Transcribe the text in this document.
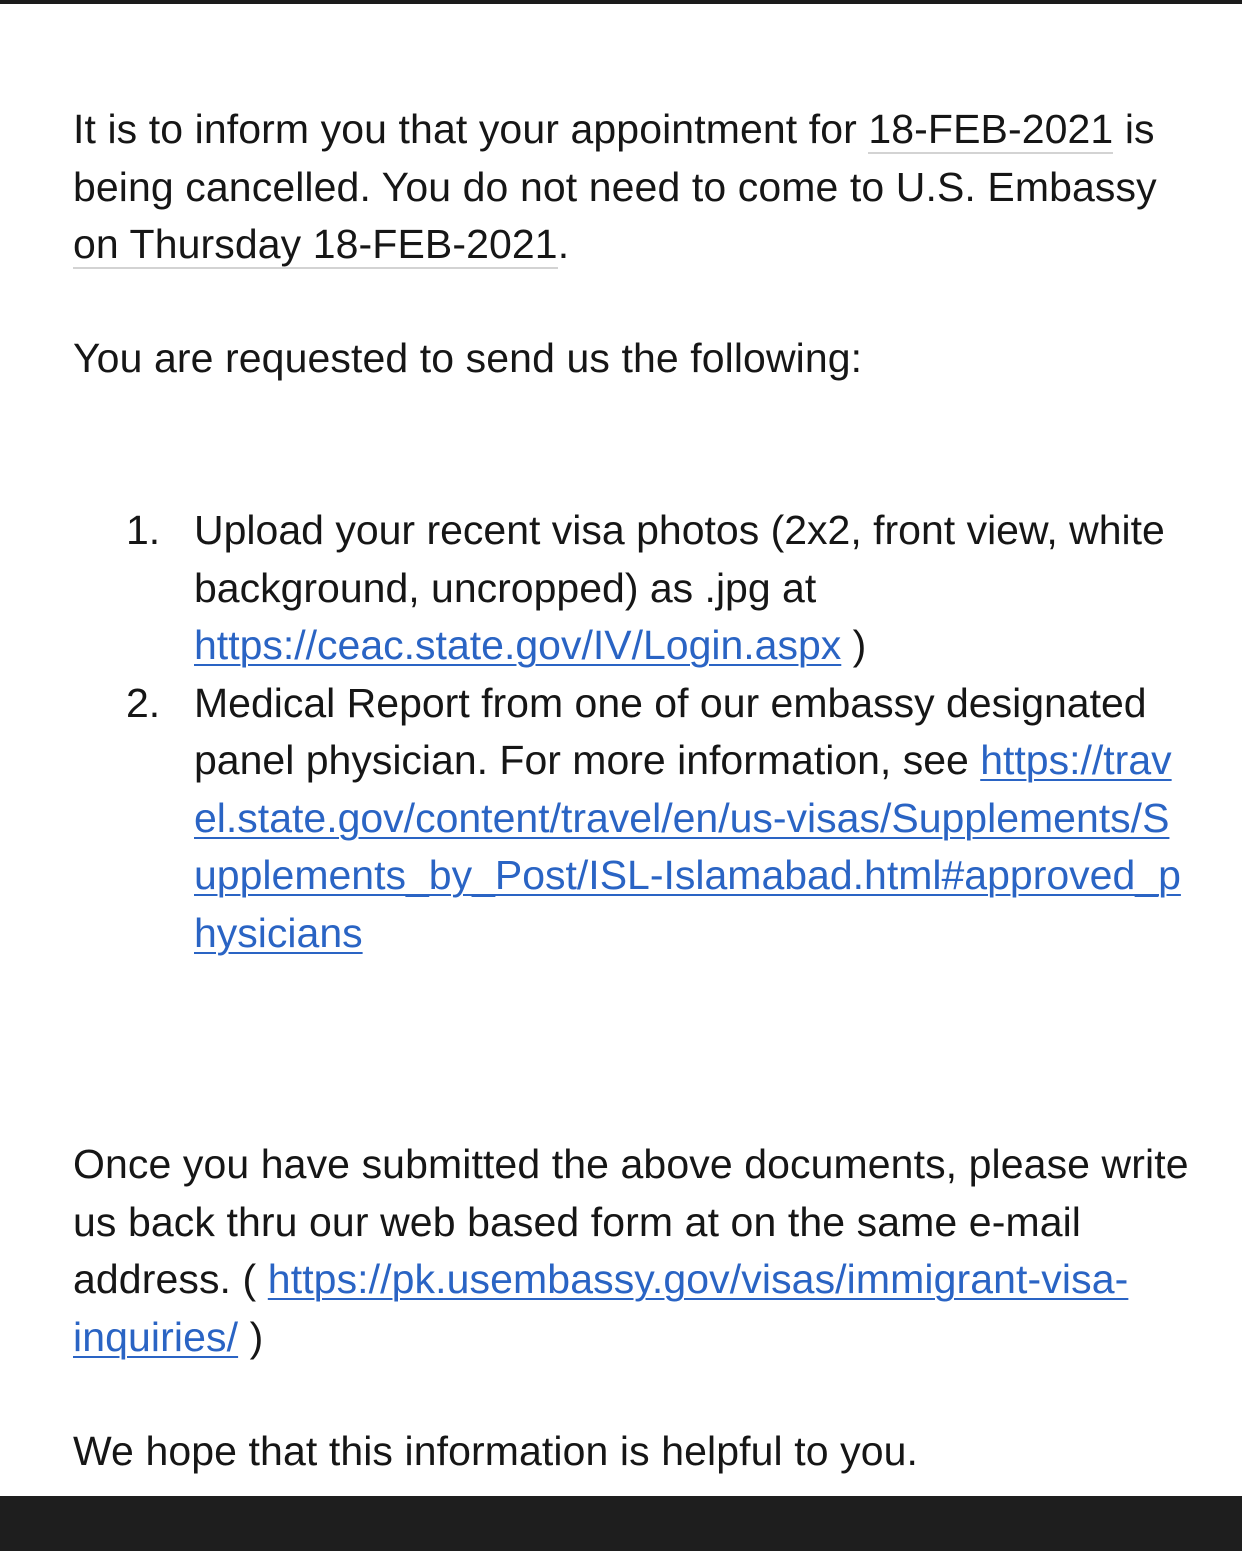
It is to inform you that your appointment for 18-FEB-2021 is being cancelled. You do not need to come to U.S. Embassy on Thursday 18-FEB-2021.
You are requested to send us the following:
1. Upload your recent visa photos (2x2, front view, white background, uncropped) as .jpg at https://ceac.state.gov/IV/Login.aspx )
2. Medical Report from one of our embassy designated panel physician. For more information, see https://travel.state.gov/content/travel/en/us-visas/Supplements/Supplements_by_Post/ISL-Islamabad.html#approved_physicians
Once you have submitted the above documents, please write us back thru our web based form at on the same e-mail address. ( https://pk.usembassy.gov/visas/immigrant-visa-inquiries/ )
We hope that this information is helpful to you.
